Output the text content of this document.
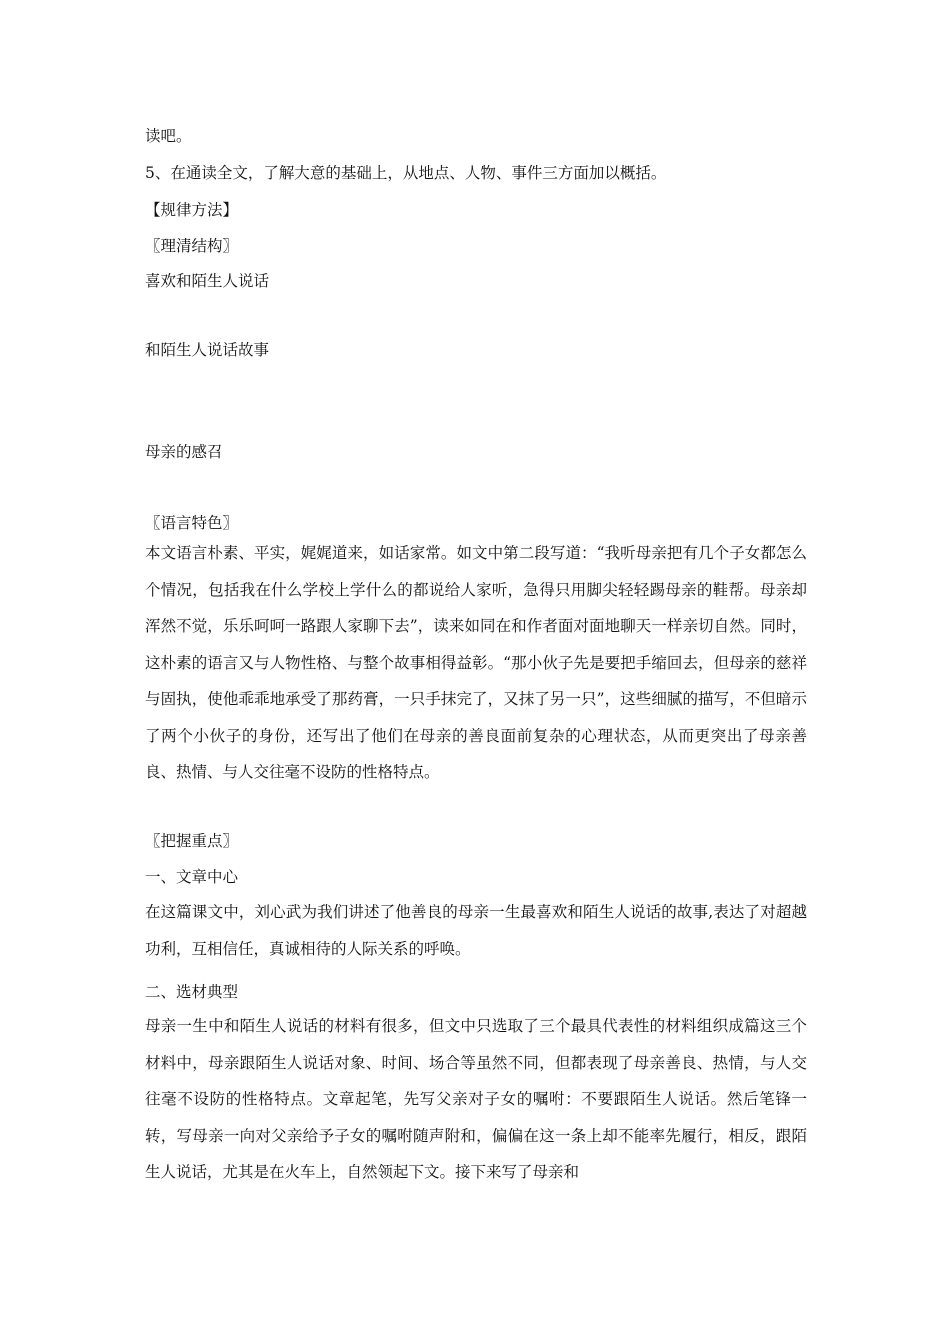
读吧。
5、在通读全文，了解大意的基础上，从地点、人物、事件三方面加以概括。
【规律方法】
〖理清结构〗
喜欢和陌生人说话
和陌生人说话故事
母亲的感召
〖语言特色〗
本文语言朴素、平实，娓娓道来，如话家常。如文中第二段写道：“我听母亲把有几个子女都怎么个情况，包括我在什么学校上学什么的都说给人家听，急得只用脚尖轻轻踢母亲的鞋帮。母亲却浑然不觉，乐乐呵呵一路跟人家聊下去”，读来如同在和作者面对面地聊天一样亲切自然。同时，这朴素的语言又与人物性格、与整个故事相得益彰。“那小伙子先是要把手缩回去，但母亲的慈祥与固执，使他乖乖地承受了那药膏，一只手抹完了，又抹了另一只”，这些细腻的描写，不但暗示了两个小伙子的身份，还写出了他们在母亲的善良面前复杂的心理状态，从而更突出了母亲善良、热情、与人交往毫不设防的性格特点。
〖把握重点〗
一、文章中心
在这篇课文中，刘心武为我们讲述了他善良的母亲一生最喜欢和陌生人说话的故事,表达了对超越功利，互相信任，真诚相待的人际关系的呼唤。
二、选材典型
母亲一生中和陌生人说话的材料有很多，但文中只选取了三个最具代表性的材料组织成篇这三个材料中，母亲跟陌生人说话对象、时间、场合等虽然不同，但都表现了母亲善良、热情，与人交往毫不设防的性格特点。文章起笔，先写父亲对子女的嘱咐：不要跟陌生人说话。然后笔锋一转，写母亲一向对父亲给予子女的嘱咐随声附和，偏偏在这一条上却不能率先履行，相反，跟陌生人说话，尤其是在火车上，自然领起下文。接下来写了母亲和
